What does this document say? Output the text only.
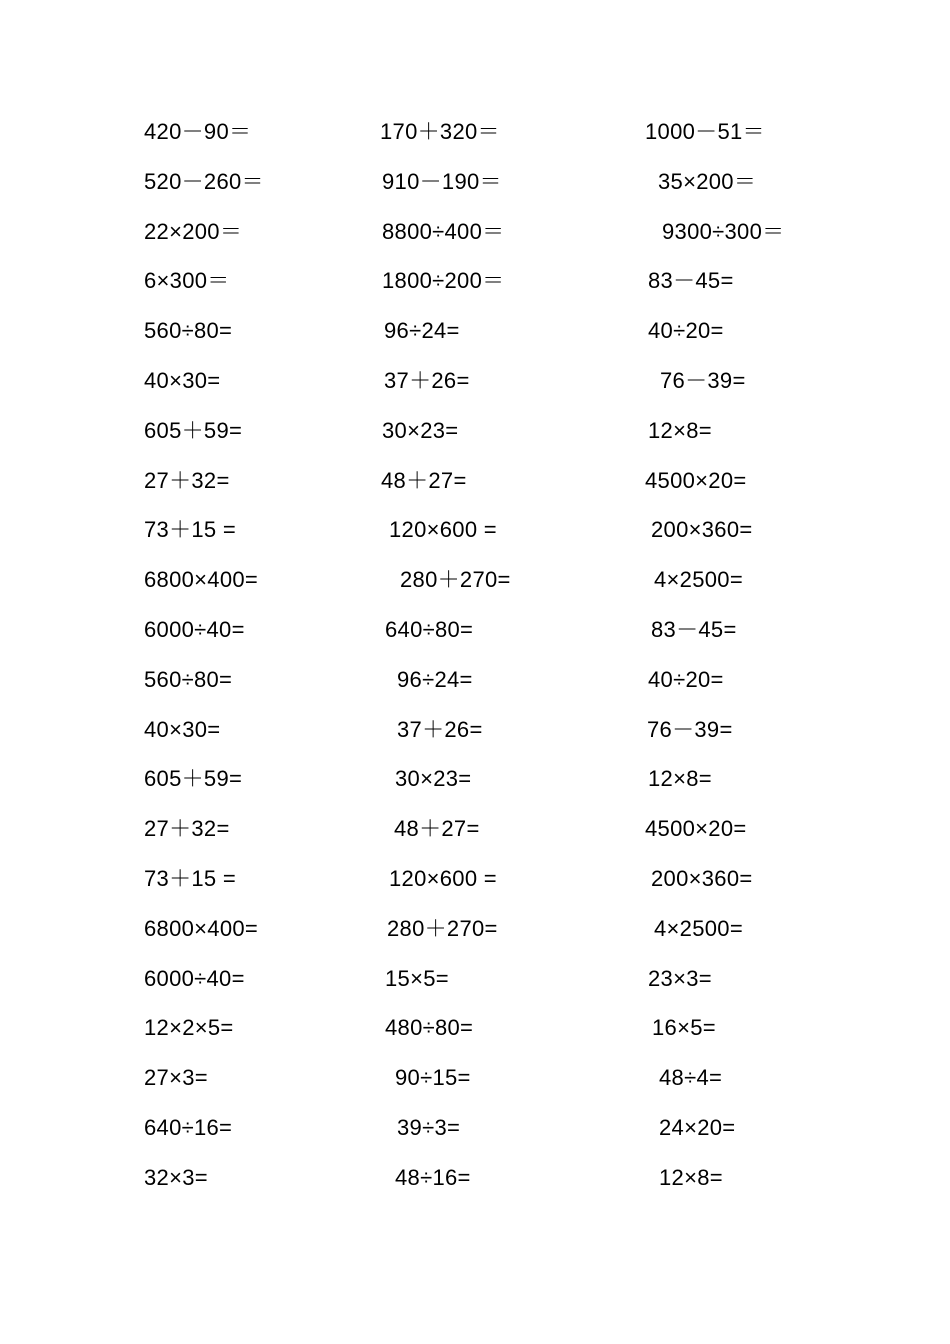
420－90＝	170＋320＝	1000－51＝
520－260＝	910－190＝	35×200＝
22×200＝	8800÷400＝	9300÷300＝
6×300＝	1800÷200＝	83－45=
560÷80=	96÷24=	40÷20=
40×30=	37＋26=	76－39=
605＋59=	30×23=	12×8=
27＋32=	48＋27=	4500×20=
73＋15 =	120×600 =	200×360=
6800×400=	280＋270=	4×2500=
6000÷40=	640÷80=	83－45=
560÷80=	96÷24=	40÷20=
40×30=	37＋26=	76－39=
605＋59=	30×23=	12×8=
27＋32=	48＋27=	4500×20=
73＋15 =	120×600 =	200×360=
6800×400=	280＋270=	4×2500=
6000÷40=	15×5=	23×3=
12×2×5=	480÷80=	16×5=
27×3=	90÷15=	48÷4=
640÷16=	39÷3=	24×20=
32×3=	48÷16=	12×8=
